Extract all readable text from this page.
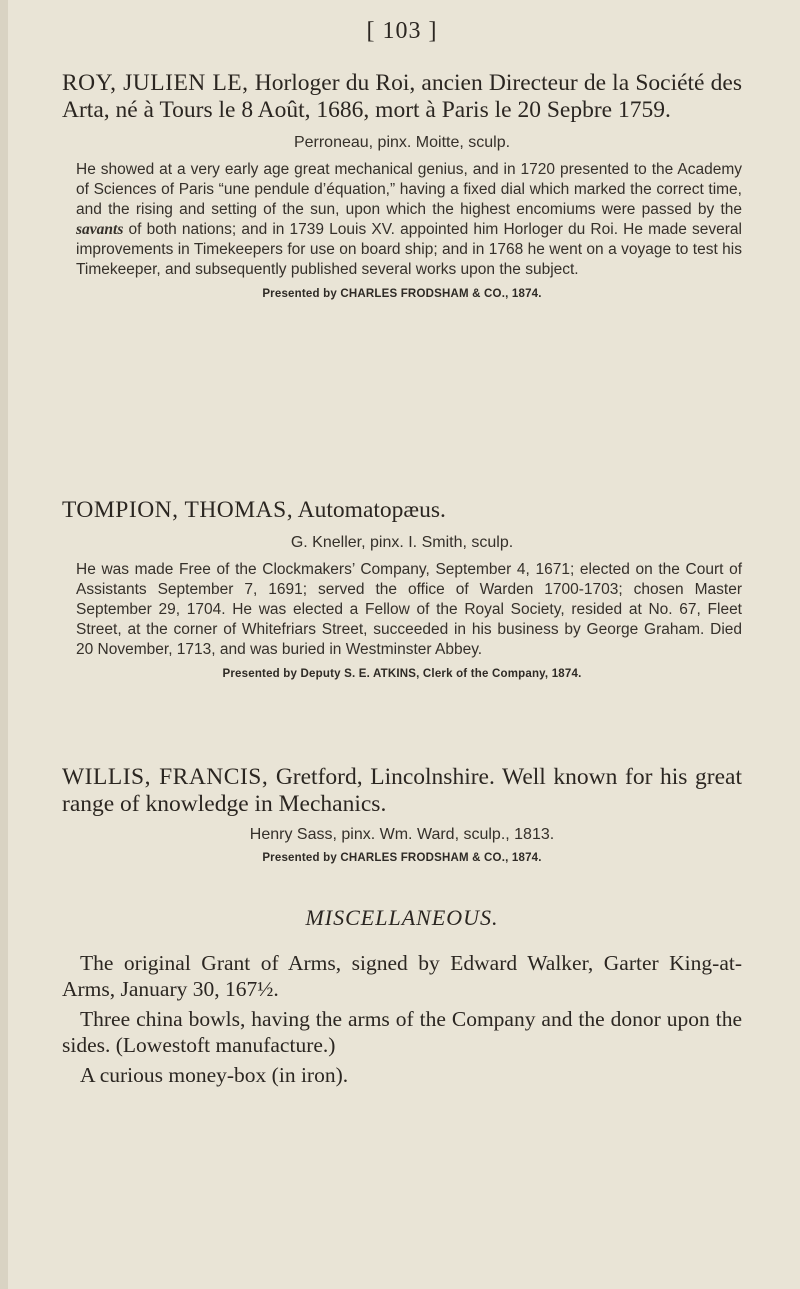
[ 103 ]

ROY, JULIEN LE, Horloger du Roi, ancien Directeur de la Société des Arta, né à Tours le 8 Août, 1686, mort à Paris le 20 Sepbre 1759.

Perroneau, pinx. Moitte, sculp.

He showed at a very early age great mechanical genius, and in 1720 presented to the Academy of Sciences of Paris “une pendule d’équation,” having a fixed dial which marked the correct time, and the rising and setting of the sun, upon which the highest encomiums were passed by the savants of both nations; and in 1739 Louis XV. appointed him Horloger du Roi. He made several improvements in Timekeepers for use on board ship; and in 1768 he went on a voyage to test his Timekeeper, and subsequently published several works upon the subject.

Presented by CHARLES FRODSHAM & CO., 1874.

TOMPION, THOMAS, Automatopæus.

G. Kneller, pinx. I. Smith, sculp.

He was made Free of the Clockmakers’ Company, September 4, 1671; elected on the Court of Assistants September 7, 1691; served the office of Warden 1700-1703; chosen Master September 29, 1704. He was elected a Fellow of the Royal Society, resided at No. 67, Fleet Street, at the corner of Whitefriars Street, succeeded in his business by George Graham. Died 20 November, 1713, and was buried in Westminster Abbey.

Presented by Deputy S. E. ATKINS, Clerk of the Company, 1874.

WILLIS, FRANCIS, Gretford, Lincolnshire. Well known for his great range of knowledge in Mechanics.

Henry Sass, pinx. Wm. Ward, sculp., 1813.
Presented by CHARLES FRODSHAM & CO., 1874.
MISCELLANEOUS.

The original Grant of Arms, signed by Edward Walker, Garter King-at-Arms, January 30, 167½.

Three china bowls, having the arms of the Company and the donor upon the sides. (Lowestoft manufacture.)

A curious money-box (in iron).
